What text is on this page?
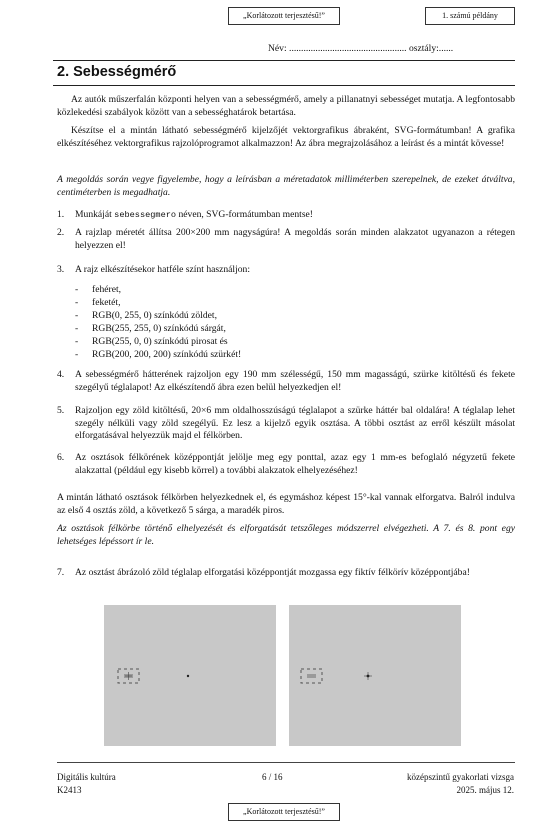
„Korlátozott terjesztésű!”	1. számú példány
Név: ................................................. osztály:......
2. Sebességmérő

Az autók műszerfalán központi helyen van a sebességmérő, amely a pillanatnyi sebességet mutatja. A legfontosabb közlekedési szabályok között van a sebességhatárok betartása.

Készítse el a mintán látható sebességmérő kijelzőjét vektorgrafikus ábraként, SVG-formátumban! A grafika elkészítéséhez vektorgrafikus rajzolóprogramot alkalmazzon! Az ábra megrajzolásához a leírást és a mintát kövesse!

A megoldás során vegye figyelembe, hogy a leírásban a méretadatok milliméterben szerepelnek, de ezeket átváltva, centiméterben is megadhatja.

1. Munkáját sebessegmero néven, SVG-formátumban mentse!

2. A rajzlap méretét állítsa 200×200 mm nagyságúra! A megoldás során minden alakzatot ugyanazon a rétegen helyezzen el!

3. A rajz elkészítésekor hatféle színt használjon:

- fehéret,
- feketét,
- RGB(0, 255, 0) színkódú zöldet,
- RGB(255, 255, 0) színkódú sárgát,
- RGB(255, 0, 0) színkódú pirosat és
- RGB(200, 200, 200) színkódú szürkét!
4. A sebességmérő hátterének rajzoljon egy 190 mm szélességű, 150 mm magasságú, szürke kitöltésű és fekete szegélyű téglalapot! Az elkészítendő ábra ezen belül helyezkedjen el!

5. Rajzoljon egy zöld kitöltésű, 20×6 mm oldalhosszúságú téglalapot a szürke háttér bal oldalára! A téglalap lehet szegély nélküli vagy zöld szegélyű. Ez lesz a kijelző egyik osztása. A többi osztást az erről készült másolat elforgatásával helyezzük majd el félkörben.

6. Az osztások félkörének középpontját jelölje meg egy ponttal, azaz egy 1 mm-es befoglaló négyzetű fekete alakzattal (például egy kisebb körrel) a további alakzatok elhelyezéséhez!

A mintán látható osztások félkörben helyezkednek el, és egymáshoz képest 15°-kal vannak elforgatva. Balról indulva az első 4 osztás zöld, a következő 5 sárga, a maradék piros.

Az osztások félkörbe történő elhelyezését és elforgatását tetszőleges módszerrel elvégezheti. A 7. és 8. pont egy lehetséges lépéssort ír le.

7. Az osztást ábrázoló zöld téglalap elforgatási középpontját mozgassa egy fiktív félkörív középpontjába!

Digitális kultúra
K2413
6 / 16	középszintű gyakorlati vizsga
2025. május 12.
„Korlátozott terjesztésű!”
